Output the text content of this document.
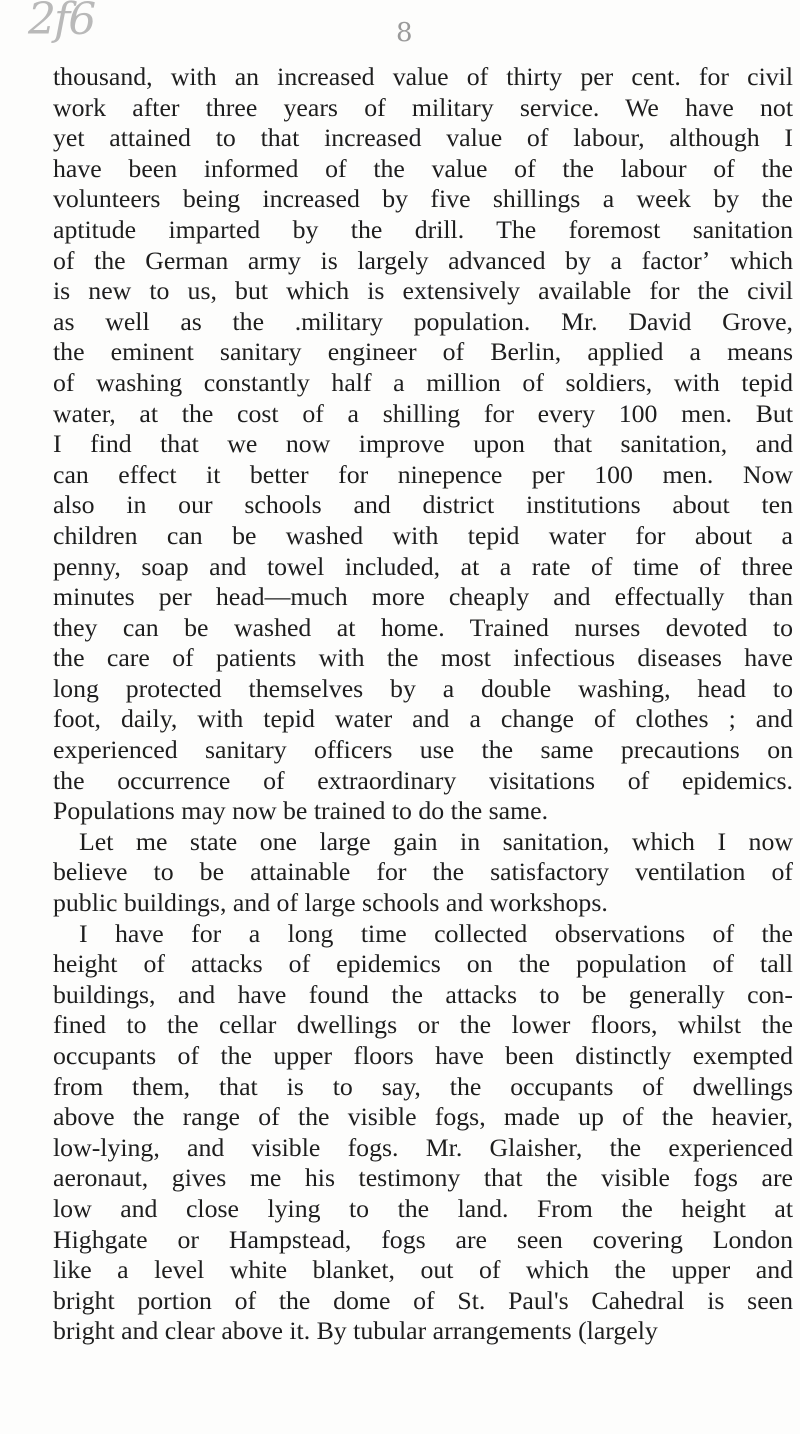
2f6	8
thousand, with an increased value of thirty per cent. for civil
work after three years of military service. We have not
yet attained to that increased value of labour, although I
have been informed of the value of the labour of the
volunteers being increased by five shillings a week by the
aptitude imparted by the drill. The foremost sanitation
of the German army is largely advanced by a factorʼ which
is new to us, but which is extensively available for the civil
as well as the .military population. Mr. David Grove,
the eminent sanitary engineer of Berlin, applied a means
of washing constantly half a million of soldiers, with tepid
water, at the cost of a shilling for every 100 men. But
I find that we now improve upon that sanitation, and
can effect it better for ninepence per 100 men. Now
also in our schools and district institutions about ten
children can be washed with tepid water for about a
penny, soap and towel included, at a rate of time of three
minutes per head—much more cheaply and effectually than
they can be washed at home. Trained nurses devoted to
the care of patients with the most infectious diseases have
long protected themselves by a double washing, head to
foot, daily, with tepid water and a change of clothes ; and
experienced sanitary officers use the same precautions on
the occurrence of extraordinary visitations of epidemics.
Populations may now be trained to do the same.
Let me state one large gain in sanitation, which I now
believe to be attainable for the satisfactory ventilation of
public buildings, and of large schools and workshops.
I have for a long time collected observations of the
height of attacks of epidemics on the population of tall
buildings, and have found the attacks to be generally con-
fined to the cellar dwellings or the lower floors, whilst the
occupants of the upper floors have been distinctly exempted
from them, that is to say, the occupants of dwellings
above the range of the visible fogs, made up of the heavier,
low-lying, and visible fogs. Mr. Glaisher, the experienced
aeronaut, gives me his testimony that the visible fogs are
low and close lying to the land. From the height at
Highgate or Hampstead, fogs are seen covering London
like a level white blanket, out of which the upper and
bright portion of the dome of St. Paul's Cahedral is seen
bright and clear above it. By tubular arrangements (largely
